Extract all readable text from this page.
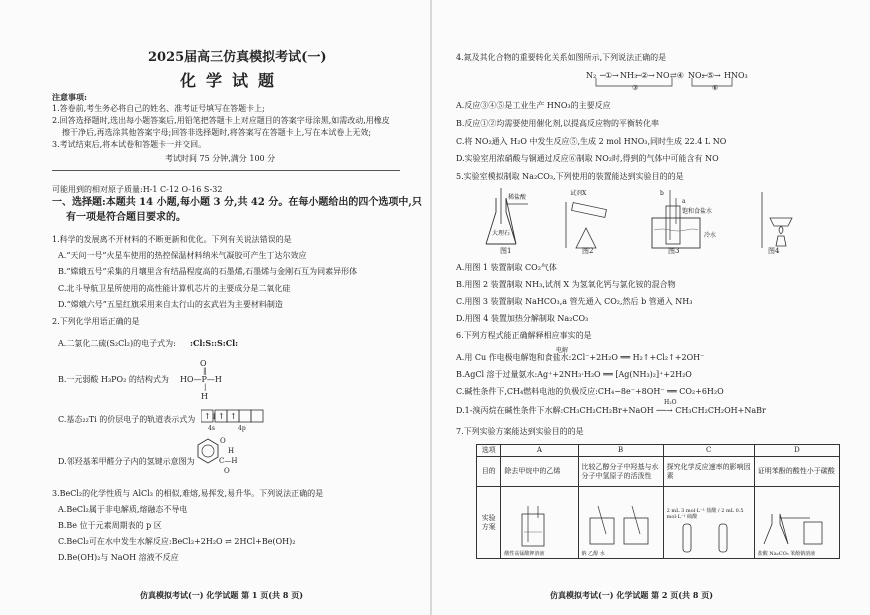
2025届高三仿真模拟考试(一)
化学试题
注意事项:
1.答卷前,考生务必将自己的姓名、准考证号填写在答题卡上;
2.回答选择题时,选出每小题答案后,用铅笔把答题卡上对应题目的答案字母涂黑,如需改动,用橡皮
擦干净后,再选涂其他答案字母;回答非选择题时,将答案写在答题卡上,写在本试卷上无效;
3.考试结束后,将本试卷和答题卡一并交回。
考试时间 75 分钟,满分 100 分
可能用到的相对原子质量:H-1 C-12 O-16 S-32
一、选择题:本题共 14 小题,每小题 3 分,共 42 分。在每小题给出的四个选项中,只
有一项是符合题目要求的。
1.科学的发展离不开材料的不断更新和优化。下列有关说法错误的是
A.“天问一号”火星车使用的热控保温材料纳米气凝胶可产生丁达尔效应
B.“嫦娥五号”采集的月壤里含有结晶程度高的石墨烯,石墨烯与金刚石互为同素异形体
C.北斗导航卫星所使用的高性能计算机芯片的主要成分是二氧化硅
D.“嫦娥六号”五星红旗采用来自太行山的玄武岩为主要材料制造
2.下列化学用语正确的是
A.二氯化二硫(S₂Cl₂)的电子式为: :Cl:S::S:Cl:
B.一元弱酸 H₃PO₂ 的结构式为
O
‖
HO—P—H
|
H
C.基态₂₂Ti 的价层电子的轨道表示式为 ↑↓ ↑ ↑
4s	4p
D.邻羟基苯甲醛分子内的氢键示意图为
O
H
C—H
O
3.BeCl₂的化学性质与 AlCl₃ 的相似,难熔,易挥发,易升华。下列说法正确的是
A.BeCl₂属于非电解质,熔融态不导电
B.Be 位于元素周期表的 p 区
C.BeCl₂可在水中发生水解反应:BeCl₂+2H₂O ⇌ 2HCl+Be(OH)₂
D.Be(OH)₂与 NaOH 溶液不反应
仿真模拟考试(一) 化学试题 第 1 页(共 8 页)
4.氮及其化合物的重要转化关系如图所示,下列说法正确的是
N₂ ─①→ NH₃
─②→ NO ⇄④ NO₂
─⑤→ HNO₃
③	⑥
A.反应③④⑤是工业生产 HNO₃的主要反应
B.反应①②均需要使用催化剂,以提高反应物的平衡转化率
C.将 NO₂通入 H₂O 中发生反应⑤,生成 2 mol HNO₃,同时生成 22.4 L NO
D.实验室用浓硝酸与铜通过反应⑥制取 NO₂时,得到的气体中可能含有 NO
5.实验室模拟制取 Na₂CO₃,下列使用的装置能达到实验目的的是
稀盐酸
大理石
试剂X	b
a
饱和食盐水
冷水
图1	图2	图3	图4
A.用图 1 装置制取 CO₂气体
B.用图 2 装置制取 NH₃,试剂 X 为氢氧化钙与氯化铵的混合物
C.用图 3 装置制取 NaHCO₃,a 管先通入 CO₂,然后 b 管通入 NH₃
D.用图 4 装置加热分解制取 Na₂CO₃
6.下列方程式能正确解释相应事实的是
电解
A.用 Cu 作电极电解饱和食盐水:2Cl⁻+2H₂O ══ H₂↑+Cl₂↑+2OH⁻
B.AgCl 溶于过量氨水:Ag⁺+2NH₃·H₂O ══ [Ag(NH₃)₂]⁺+2H₂O
C.碱性条件下,CH₄燃料电池的负极反应:CH₄−8e⁻+8OH⁻ ══ CO₂+6H₂O
H₂O
D.1-溴丙烷在碱性条件下水解:CH₃CH₂CH₂Br+NaOH ──→ CH₃CH₂CH₂OH+NaBr
7.下列实验方案能达到实验目的的是
选项	A	B	C	D
目的	除去甲烷中的乙烯	比较乙醇分子中羟基与水分子中氢原子的活泼性	探究化学反应速率的影响因素	证明苯酚的酸性小于碳酸
实验方案	酸性高锰酸钾溶液	钠 乙醇 水	2 mL 3 mol·L⁻¹ 盐酸 / 2 mL 0.5 mol·L⁻¹ 硫酸	盐酸 Na₂CO₃ 苯酚钠溶液
仿真模拟考试(一) 化学试题 第 2 页(共 8 页)
